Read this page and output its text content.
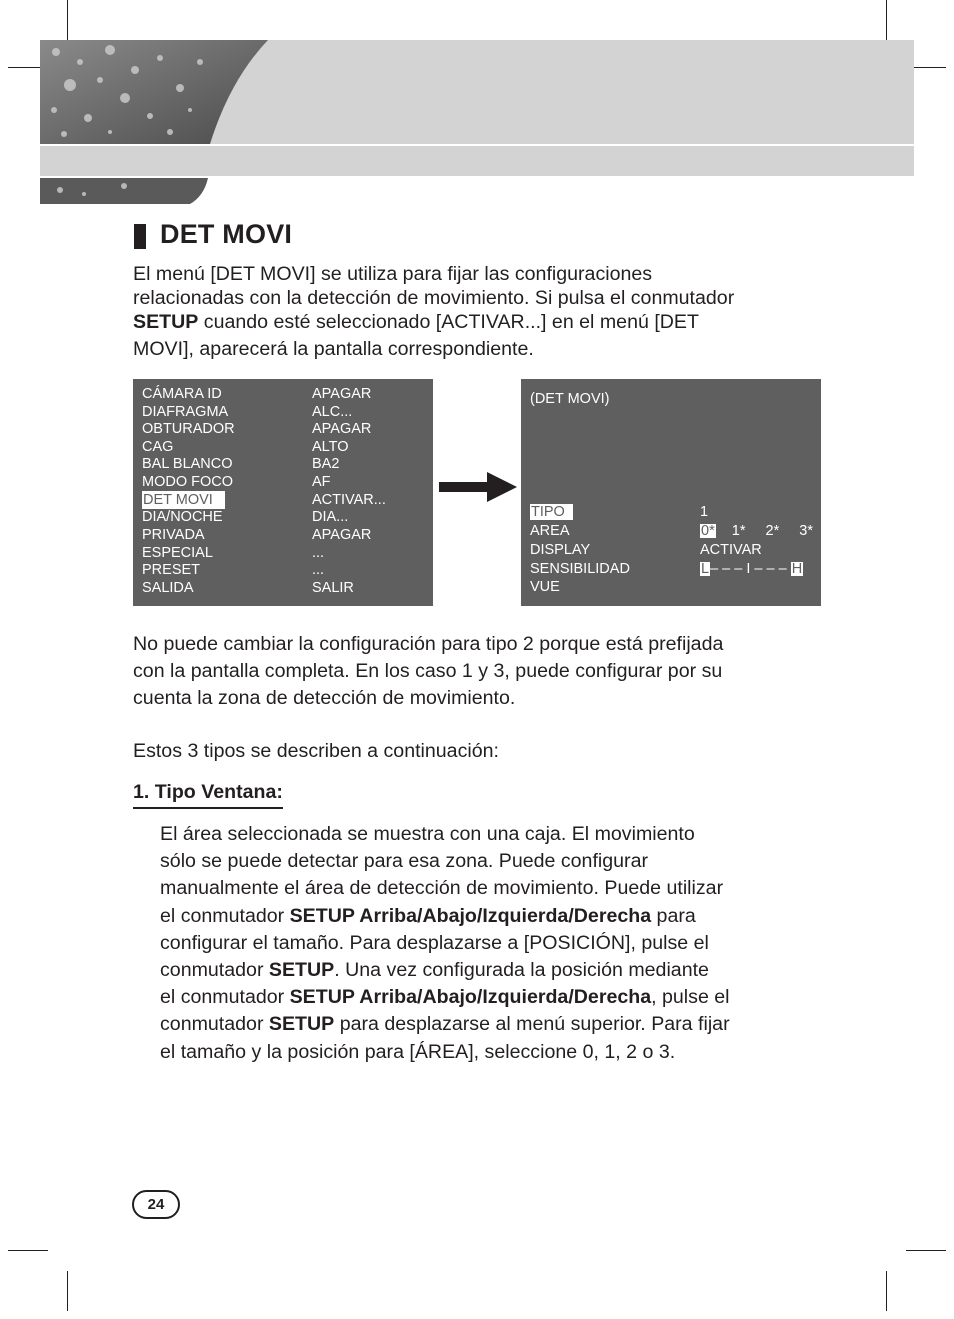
DET MOVI

El menú [DET MOVI] se utiliza para fijar las configuraciones
relacionadas con la detección de movimiento. Si pulsa el conmutador
SETUP cuando esté seleccionado [ACTIVAR...] en el menú [DET
MOVI], aparecerá la pantalla correspondiente.

CÁMARA ID	APAGAR
DIAFRAGMA	ALC...
OBTURADOR	APAGAR
CAG	ALTO
BAL BLANCO	BA2
MODO FOCO	AF
DET MOVI	ACTIVAR...
DIA/NOCHE	DIA...
PRIVADA	APAGAR
ESPECIAL	...
PRESET	...
SALIDA	SALIR
(DET MOVI)
TIPO	1
AREA	0* 1* 2* 3*
DISPLAY	ACTIVAR
SENSIBILIDAD	L– – – I – – – H
VUE

No puede cambiar la configuración para tipo 2 porque está prefijada
con la pantalla completa. En los caso 1 y 3, puede configurar por su
cuenta la zona de detección de movimiento.

Estos 3 tipos se describen a continuación:

1. Tipo Ventana:

El área seleccionada se muestra con una caja. El movimiento
sólo se puede detectar para esa zona. Puede configurar
manualmente el área de detección de movimiento. Puede utilizar
el conmutador SETUP Arriba/Abajo/Izquierda/Derecha para
configurar el tamaño. Para desplazarse a [POSICIÓN], pulse el
conmutador SETUP. Una vez configurada la posición mediante
el conmutador SETUP Arriba/Abajo/Izquierda/Derecha, pulse el
conmutador SETUP para desplazarse al menú superior. Para fijar
el tamaño y la posición para [ÁREA], seleccione 0, 1, 2 o 3.

24
